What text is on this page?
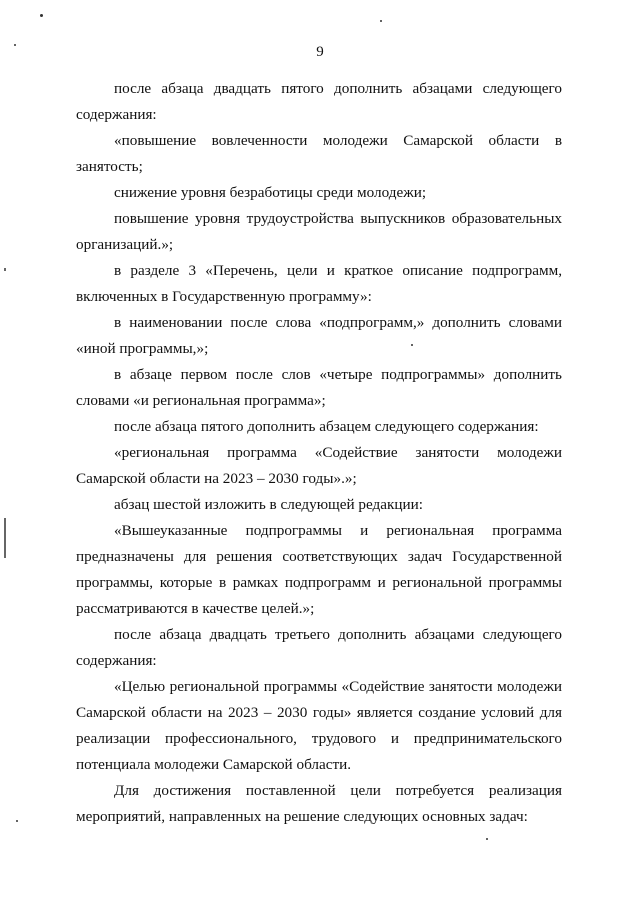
9

после абзаца двадцать пятого дополнить абзацами следующего содержания:

«повышение вовлеченности молодежи Самарской области в занятость;

снижение уровня безработицы среди молодежи;

повышение уровня трудоустройства выпускников образовательных организаций.»;

в разделе 3 «Перечень, цели и краткое описание подпрограмм, включенных в Государственную программу»:

в наименовании после слова «подпрограмм,» дополнить словами «иной программы,»;

в абзаце первом после слов «четыре подпрограммы» дополнить словами «и региональная программа»;

после абзаца пятого дополнить абзацем следующего содержания:

«региональная программа «Содействие занятости молодежи Самарской области на 2023 – 2030 годы».»;

абзац шестой изложить в следующей редакции:

«Вышеуказанные подпрограммы и региональная программа предназначены для решения соответствующих задач Государственной программы, которые в рамках подпрограмм и региональной программы рассматриваются в качестве целей.»;

после абзаца двадцать третьего дополнить абзацами следующего содержания:

«Целью региональной программы «Содействие занятости молодежи Самарской области на 2023 – 2030 годы» является создание условий для реализации профессионального, трудового и предпринимательского потенциала молодежи Самарской области.

Для достижения поставленной цели потребуется реализация мероприятий, направленных на решение следующих основных задач:
